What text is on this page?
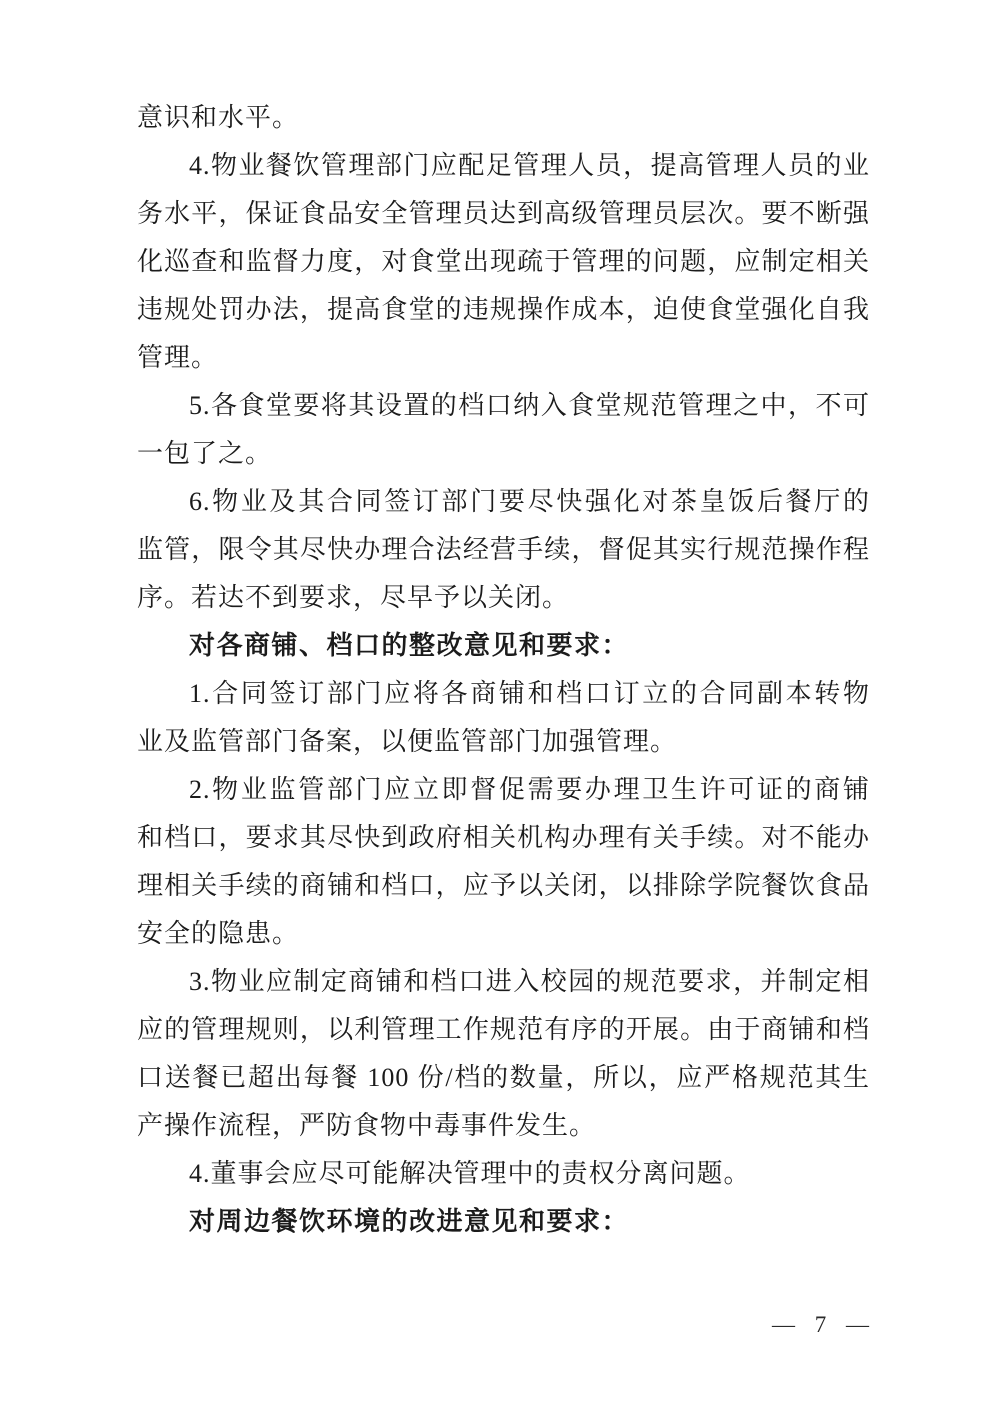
意识和水平。
4.物业餐饮管理部门应配足管理人员，提高管理人员的业
务水平，保证食品安全管理员达到高级管理员层次。要不断强
化巡查和监督力度，对食堂出现疏于管理的问题，应制定相关
违规处罚办法，提高食堂的违规操作成本，迫使食堂强化自我
管理。
5.各食堂要将其设置的档口纳入食堂规范管理之中，不可
一包了之。
6.物业及其合同签订部门要尽快强化对茶皇饭后餐厅的
监管，限令其尽快办理合法经营手续，督促其实行规范操作程
序。若达不到要求，尽早予以关闭。
对各商铺、档口的整改意见和要求：
1.合同签订部门应将各商铺和档口订立的合同副本转物
业及监管部门备案，以便监管部门加强管理。
2.物业监管部门应立即督促需要办理卫生许可证的商铺
和档口，要求其尽快到政府相关机构办理有关手续。对不能办
理相关手续的商铺和档口，应予以关闭，以排除学院餐饮食品
安全的隐患。
3.物业应制定商铺和档口进入校园的规范要求，并制定相
应的管理规则，以利管理工作规范有序的开展。由于商铺和档
口送餐已超出每餐 100 份/档的数量，所以，应严格规范其生
产操作流程，严防食物中毒事件发生。
4.董事会应尽可能解决管理中的责权分离问题。
对周边餐饮环境的改进意见和要求：
— 7 —
